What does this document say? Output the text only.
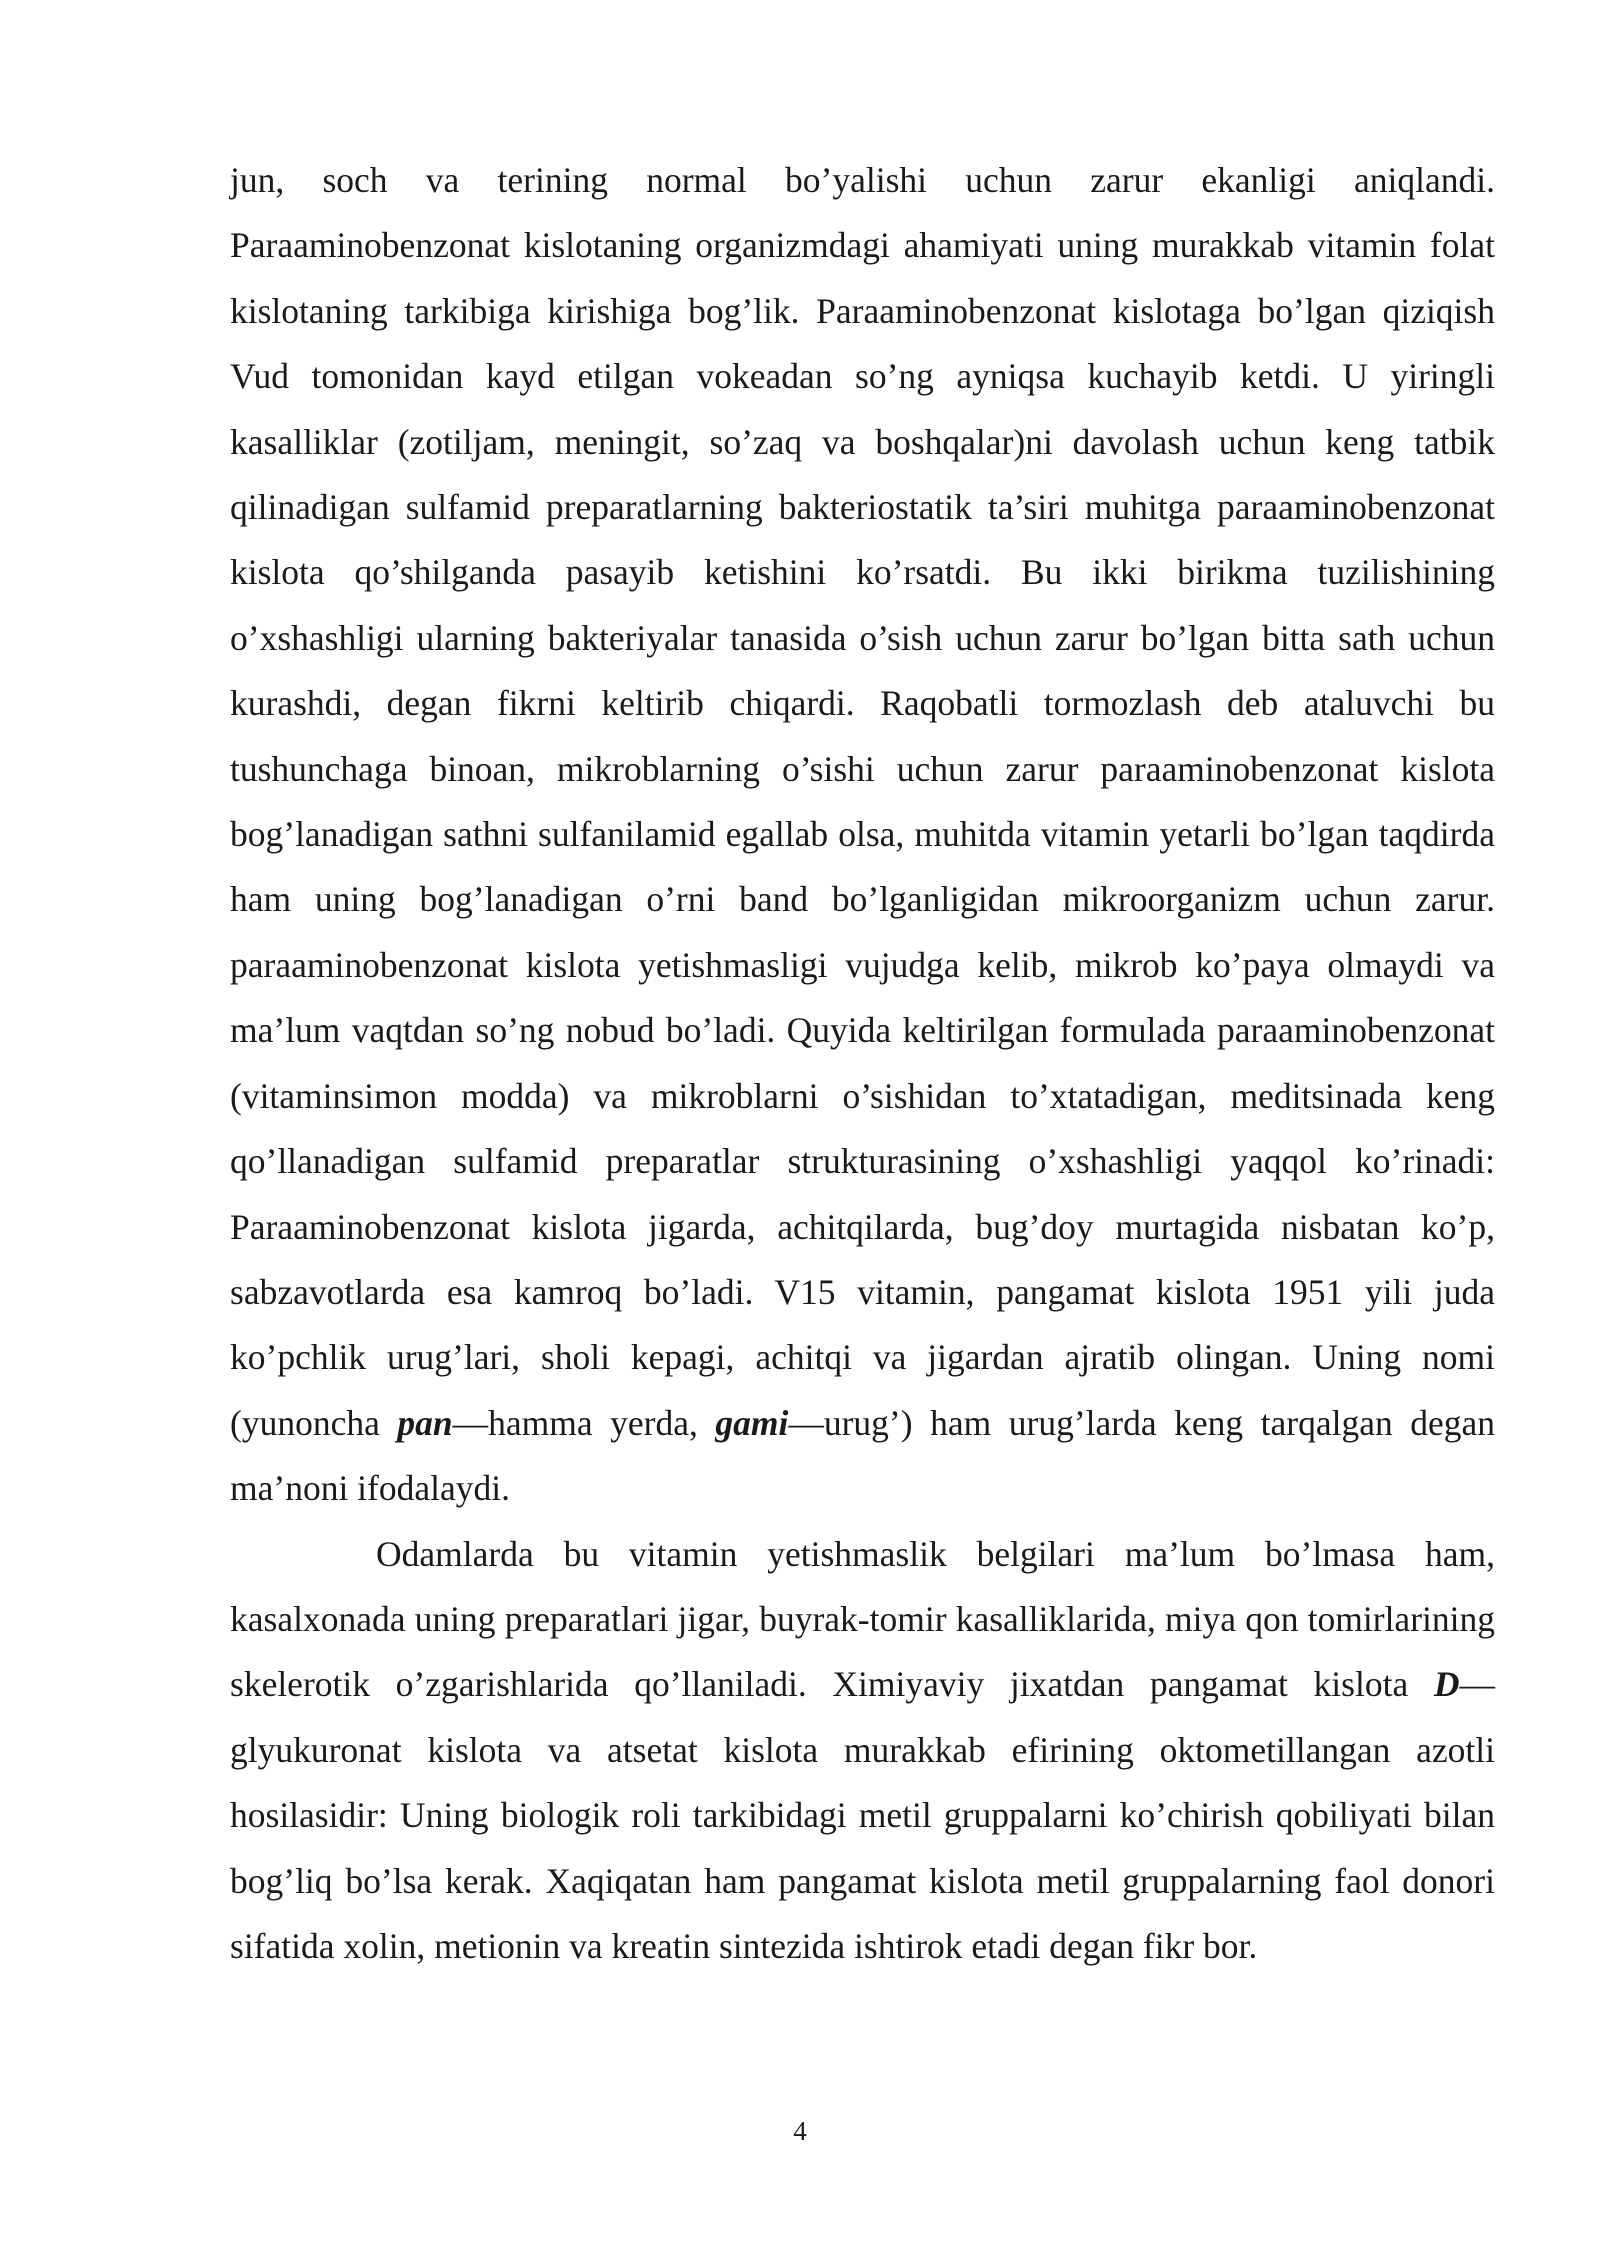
jun, soch va terining normal bo’yalishi uchun zarur ekanligi aniqlandi. Paraaminobenzonat kislotaning organizmdagi ahamiyati uning murakkab vitamin folat kislotaning tarkibiga kirishiga bog’lik. Paraaminobenzonat kislotaga bo’lgan qiziqish Vud tomonidan kayd etilgan vokeadan so’ng ayniqsa kuchayib ketdi. U yiringli kasalliklar (zotiljam, meningit, so’zaq va boshqalar)ni davolash uchun keng tatbik qilinadigan sulfamid preparatlarning bakteriostatik ta’siri muhitga paraaminobenzonat kislota qo’shilganda pasayib ketishini ko’rsatdi. Bu ikki birikma tuzilishining o’xshashligi ularning bakteriyalar tanasida o’sish uchun zarur bo’lgan bitta sath uchun kurashdi, degan fikrni keltirib chiqardi. Raqobatli tormozlash deb ataluvchi bu tushunchaga binoan, mikroblarning o’sishi uchun zarur paraaminobenzonat kislota bog’lanadigan sathni sulfanilamid egallab olsa, muhitda vitamin yetarli bo’lgan taqdirda ham uning bog’lanadigan o’rni band bo’lganligidan mikroorganizm uchun zarur. paraaminobenzonat kislota yetishmasligi vujudga kelib, mikrob ko’paya olmaydi va ma’lum vaqtdan so’ng nobud bo’ladi. Quyida keltirilgan formulada paraaminobenzonat (vitaminsimon modda) va mikroblarni o’sishidan to’xtatadigan, meditsinada keng qo’llanadigan sulfamid preparatlar strukturasining o’xshashligi yaqqol ko’rinadi: Paraaminobenzonat kislota jigarda, achitqilarda, bug’doy murtagida nisbatan ko’p, sabzavotlarda esa kamroq bo’ladi. V15 vitamin, pangamat kislota 1951 yili juda ko’pchlik urug’lari, sholi kepagi, achitqi va jigardan ajratib olingan. Uning nomi (yunoncha pan—hamma yerda, gami—urug’) ham urug’larda keng tarqalgan degan ma’noni ifodalaydi.

Odamlarda bu vitamin yetishmaslik belgilari ma’lum bo’lmasa ham, kasalxonada uning preparatlari jigar, buyrak-tomir kasalliklarida, miya qon tomirlarining skelerotik o’zgarishlarida qo’llaniladi. Ximiyaviy jixatdan pangamat kislota D—glyukuronat kislota va atsetat kislota murakkab efirining oktometillangan azotli hosilasidir: Uning biologik roli tarkibidagi metil gruppalarni ko’chirish qobiliyati bilan bog’liq bo’lsa kerak. Xaqiqatan ham pangamat kislota metil gruppalarning faol donori sifatida xolin, metionin va kreatin sintezida ishtirok etadi degan fikr bor.

4
